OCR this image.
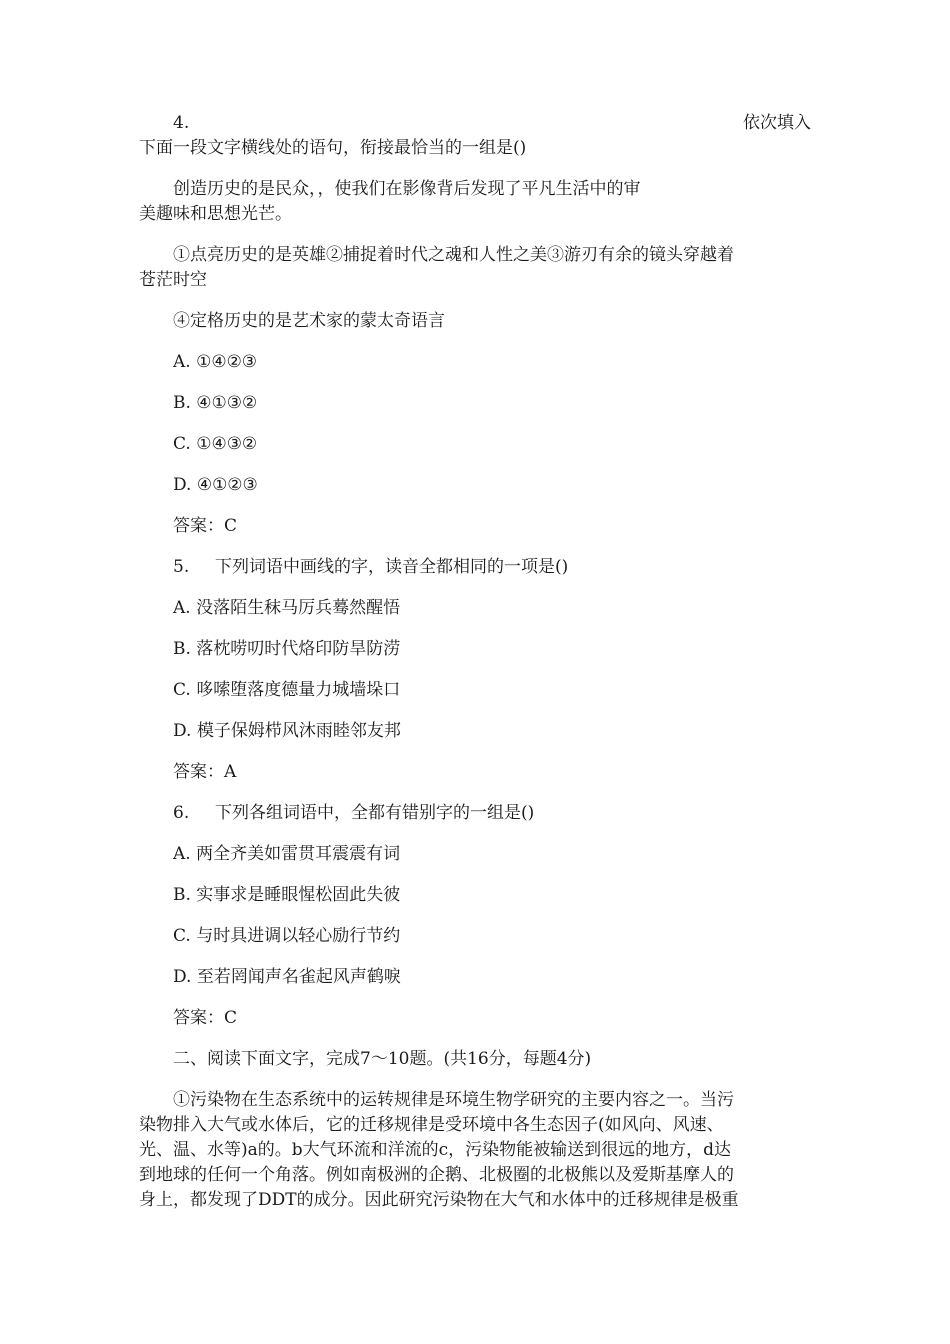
4.	依次填入

下面一段文字横线处的语句，衔接最恰当的一组是()

创造历史的是民众，，使我们在影像背后发现了平凡生活中的审

美趣味和思想光芒。

①点亮历史的是英雄②捕捉着时代之魂和人性之美③游刃有余的镜头穿越着

苍茫时空

④定格历史的是艺术家的蒙太奇语言

A. ①④②③

B. ④①③②

C. ①④③②

D. ④①②③

答案：C

5. 下列词语中画线的字，读音全都相同的一项是()

A. 没落陌生秣马厉兵蓦然醒悟

B. 落枕唠叨时代烙印防旱防涝

C. 哆嗦堕落度德量力城墙垛口

D. 模子保姆栉风沐雨睦邻友邦

答案：A

6. 下列各组词语中，全都有错别字的一组是()

A. 两全齐美如雷贯耳震震有词

B. 实事求是睡眼惺松固此失彼

C. 与时具进调以轻心励行节约

D. 至若罔闻声名雀起风声鹤唳

答案：C

二、阅读下面文字，完成7～10题。(共16分，每题4分)

①污染物在生态系统中的运转规律是环境生物学研究的主要内容之一。当污

染物排入大气或水体后，它的迁移规律是受环境中各生态因子(如风向、风速、

光、温、水等)a的。b大气环流和洋流的c，污染物能被输送到很远的地方，d达

到地球的任何一个角落。例如南极洲的企鹅、北极圈的北极熊以及爱斯基摩人的

身上，都发现了DDT的成分。因此研究污染物在大气和水体中的迁移规律是极重
